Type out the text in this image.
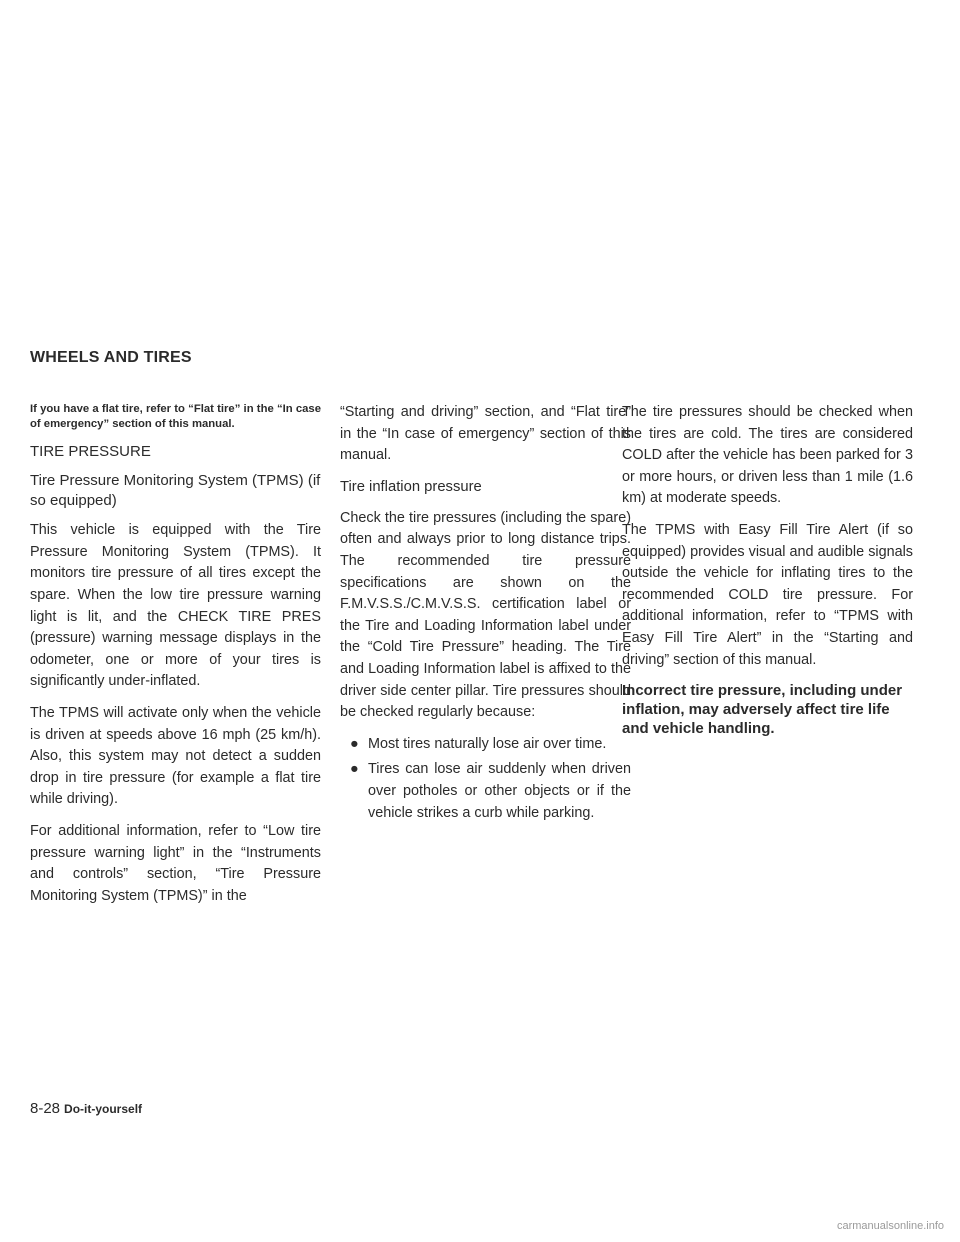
WHEELS AND TIRES

If you have a flat tire, refer to “Flat tire” in the “In case of emergency” section of this manual.

TIRE PRESSURE
Tire Pressure Monitoring System (TPMS) (if so equipped)

This vehicle is equipped with the Tire Pressure Monitoring System (TPMS). It monitors tire pressure of all tires except the spare. When the low tire pressure warning light is lit, and the CHECK TIRE PRES (pressure) warning message displays in the odometer, one or more of your tires is significantly under-inflated.

The TPMS will activate only when the vehicle is driven at speeds above 16 mph (25 km/h). Also, this system may not detect a sudden drop in tire pressure (for example a flat tire while driving).

For additional information, refer to “Low tire pressure warning light” in the “Instruments and controls” section, “Tire Pressure Monitoring System (TPMS)” in the

“Starting and driving” section, and “Flat tire” in the “In case of emergency” section of this manual.

Tire inflation pressure

Check the tire pressures (including the spare) often and always prior to long distance trips. The recommended tire pressure specifications are shown on the F.M.V.S.S./C.M.V.S.S. certification label or the Tire and Loading Information label under the “Cold Tire Pressure” heading. The Tire and Loading Information label is affixed to the driver side center pillar. Tire pressures should be checked regularly because:

● Most tires naturally lose air over time.
● Tires can lose air suddenly when driven over potholes or other objects or if the vehicle strikes a curb while parking.

The tire pressures should be checked when the tires are cold. The tires are considered COLD after the vehicle has been parked for 3 or more hours, or driven less than 1 mile (1.6 km) at moderate speeds.

The TPMS with Easy Fill Tire Alert (if so equipped) provides visual and audible signals outside the vehicle for inflating tires to the recommended COLD tire pressure. For additional information, refer to “TPMS with Easy Fill Tire Alert” in the “Starting and driving” section of this manual.

Incorrect tire pressure, including under inflation, may adversely affect tire life and vehicle handling.

8-28 Do-it-yourself
carmanualsonline.info
